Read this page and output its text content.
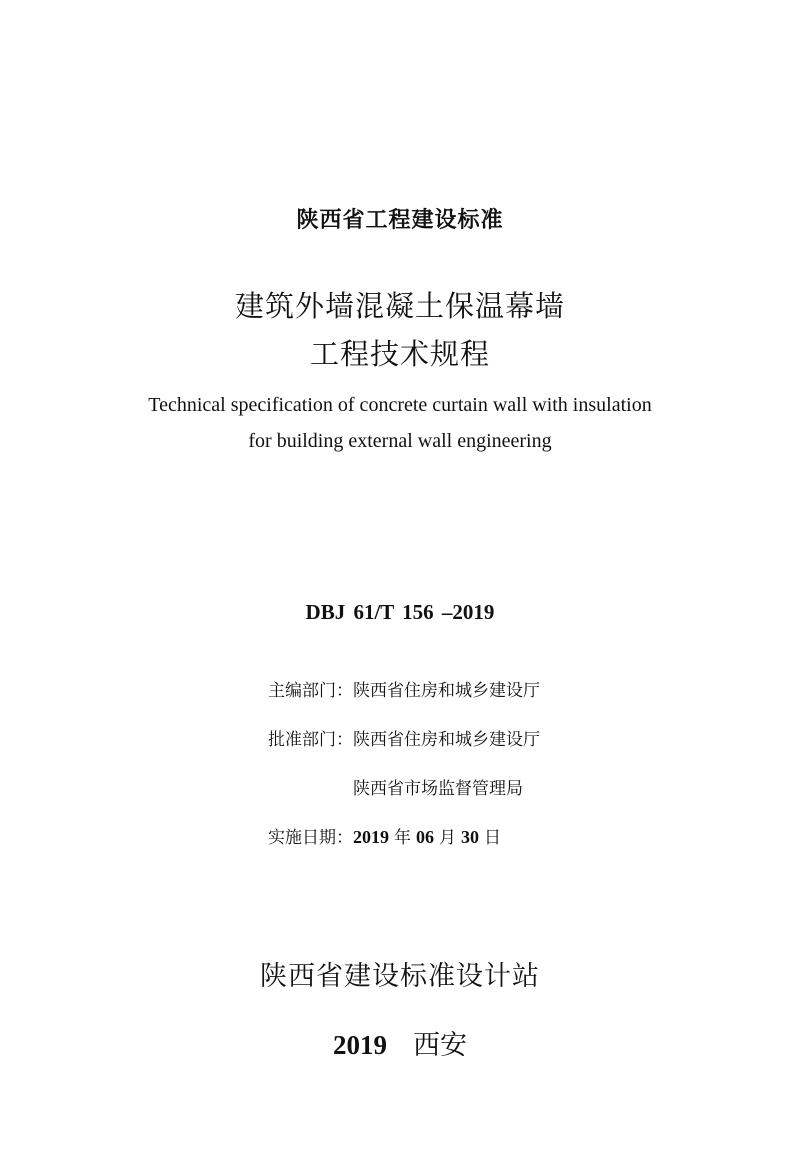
陕西省工程建设标准
建筑外墙混凝土保温幕墙
工程技术规程
Technical specification of concrete curtain wall with insulation
for building external wall engineering
DBJ 61/T 156 –2019
主编部门：陕西省住房和城乡建设厅
批准部门：陕西省住房和城乡建设厅
陕西省市场监督管理局
实施日期：2019 年 06 月 30 日
陕西省建设标准设计站
2019 西安
